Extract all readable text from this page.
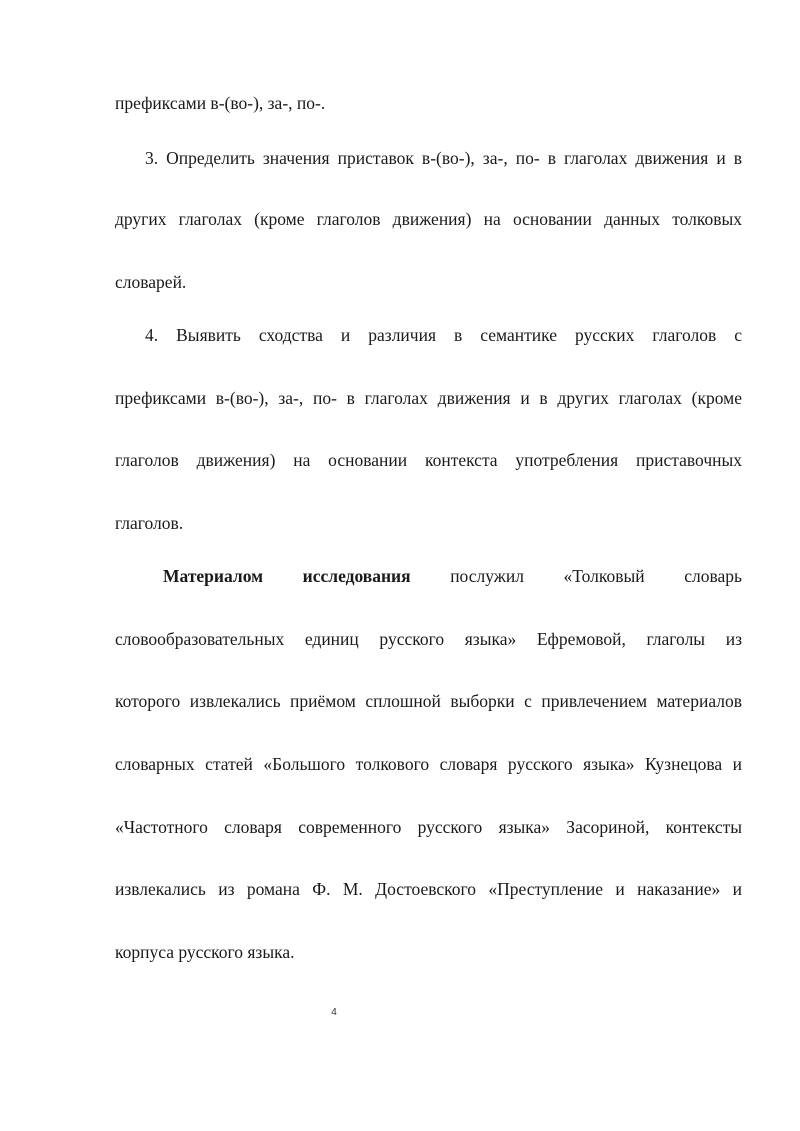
префиксами в-(во-), за-, по-.
3. Определить значения приставок в-(во-), за-, по- в глаголах движения и в
других глаголах (кроме глаголов движения) на основании данных толковых
словарей.
4. Выявить сходства и различия в семантике русских глаголов с
префиксами в-(во-), за-, по- в глаголах движения и в других глаголах (кроме
глаголов движения) на основании контекста употребления приставочных
глаголов.
Материалом исследования послужил «Толковый словарь
словообразовательных единиц русского языка» Ефремовой, глаголы из
которого извлекались приёмом сплошной выборки с привлечением материалов
словарных статей «Большого толкового словаря русского языка» Кузнецова и
«Частотного словаря современного русского языка» Засориной, контексты
извлекались из романа Ф. М. Достоевского «Преступление и наказание» и
корпуса русского языка.
4
